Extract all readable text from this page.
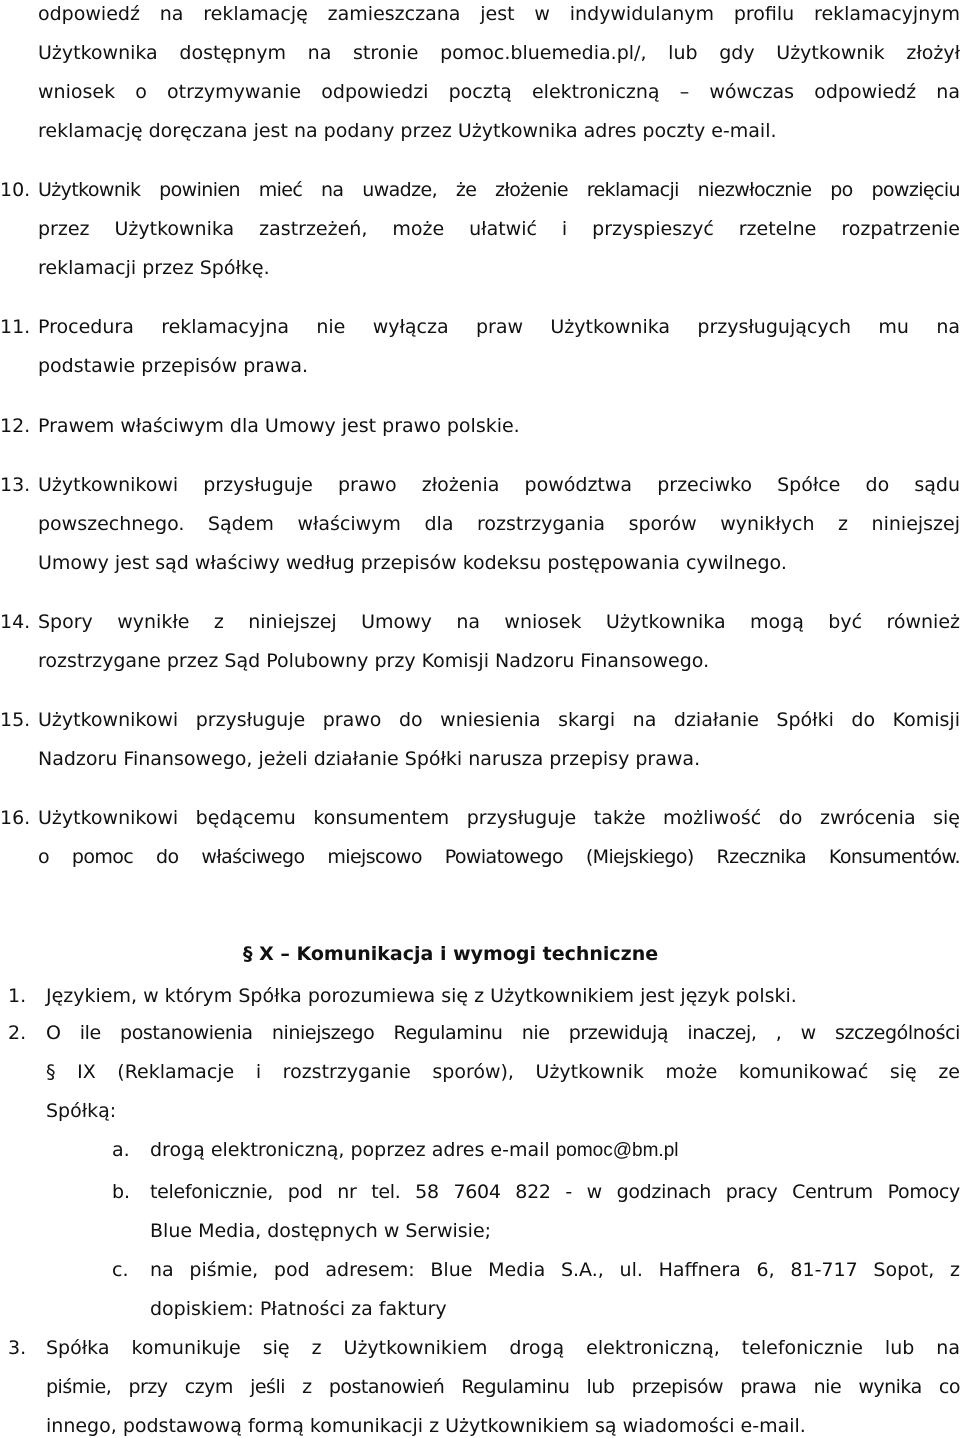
odpowiedź na reklamację zamieszczana jest w indywidulanym profilu reklamacyjnym
Użytkownika dostępnym na stronie pomoc.bluemedia.pl/, lub gdy Użytkownik złożył
wniosek o otrzymywanie odpowiedzi pocztą elektroniczną – wówczas odpowiedź na
reklamację doręczana jest na podany przez Użytkownika adres poczty e-mail.
10. Użytkownik powinien mieć na uwadze, że złożenie reklamacji niezwłocznie po powzięciu
przez Użytkownika zastrzeżeń, może ułatwić i przyspieszyć rzetelne rozpatrzenie
reklamacji przez Spółkę.
11. Procedura reklamacyjna nie wyłącza praw Użytkownika przysługujących mu na
podstawie przepisów prawa.
12. Prawem właściwym dla Umowy jest prawo polskie.
13. Użytkownikowi przysługuje prawo złożenia powództwa przeciwko Spółce do sądu
powszechnego. Sądem właściwym dla rozstrzygania sporów wynikłych z niniejszej
Umowy jest sąd właściwy według przepisów kodeksu postępowania cywilnego.
14. Spory wynikłe z niniejszej Umowy na wniosek Użytkownika mogą być również
rozstrzygane przez Sąd Polubowny przy Komisji Nadzoru Finansowego.
15. Użytkownikowi przysługuje prawo do wniesienia skargi na działanie Spółki do Komisji
Nadzoru Finansowego, jeżeli działanie Spółki narusza przepisy prawa.
16. Użytkownikowi będącemu konsumentem przysługuje także możliwość do zwrócenia się
o pomoc do właściwego miejscowo Powiatowego (Miejskiego) Rzecznika Konsumentów.
§ X – Komunikacja i wymogi techniczne
1. Językiem, w którym Spółka porozumiewa się z Użytkownikiem jest język polski.
2. O ile postanowienia niniejszego Regulaminu nie przewidują inaczej, , w szczególności
§ IX (Reklamacje i rozstrzyganie sporów), Użytkownik może komunikować się ze
Spółką:
a. drogą elektroniczną, poprzez adres e-mail pomoc@bm.pl
b. telefonicznie, pod nr tel. 58 7604 822 - w godzinach pracy Centrum Pomocy
Blue Media, dostępnych w Serwisie;
c. na piśmie, pod adresem: Blue Media S.A., ul. Haffnera 6, 81-717 Sopot, z
dopiskiem: Płatności za faktury
3. Spółka komunikuje się z Użytkownikiem drogą elektroniczną, telefonicznie lub na
piśmie, przy czym jeśli z postanowień Regulaminu lub przepisów prawa nie wynika co
innego, podstawową formą komunikacji z Użytkownikiem są wiadomości e-mail.
